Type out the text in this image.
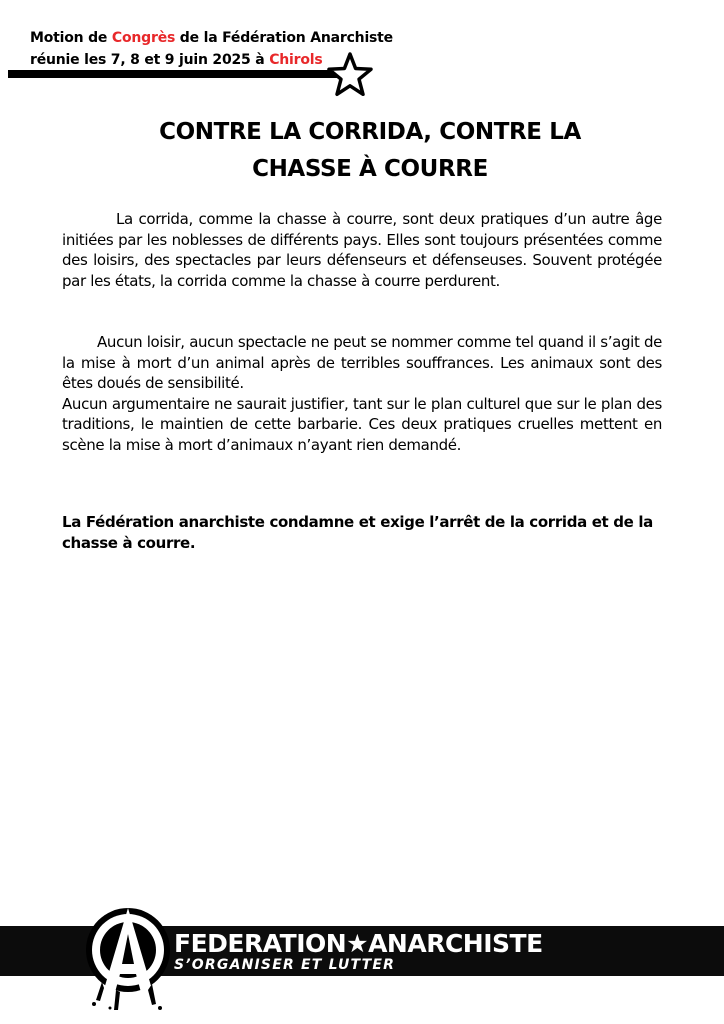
Motion de Congrès de la Fédération Anarchiste
réunie les 7, 8 et 9 juin 2025 à Chirols
CONTRE LA CORRIDA, CONTRE LA
CHASSE À COURRE
La corrida, comme la chasse à courre, sont deux pratiques d’un autre âge initiées par les noblesses de différents pays. Elles sont toujours présentées comme des loisirs, des spectacles par leurs défenseurs et défenseuses. Souvent protégée par les états, la corrida comme la chasse à courre perdurent.
Aucun loisir, aucun spectacle ne peut se nommer comme tel quand il s’agit de la mise à mort d’un animal après de terribles souffrances. Les animaux sont des êtes doués de sensibilité.
Aucun argumentaire ne saurait justifier, tant sur le plan culturel que sur le plan des traditions, le maintien de cette barbarie. Ces deux pratiques cruelles mettent en scène la mise à mort d’animaux n’ayant rien demandé.
La Fédération anarchiste condamne et exige l’arrêt de la corrida et de la chasse à courre.
FEDERATION★ANARCHISTE
S’ORGANISER ET LUTTER
